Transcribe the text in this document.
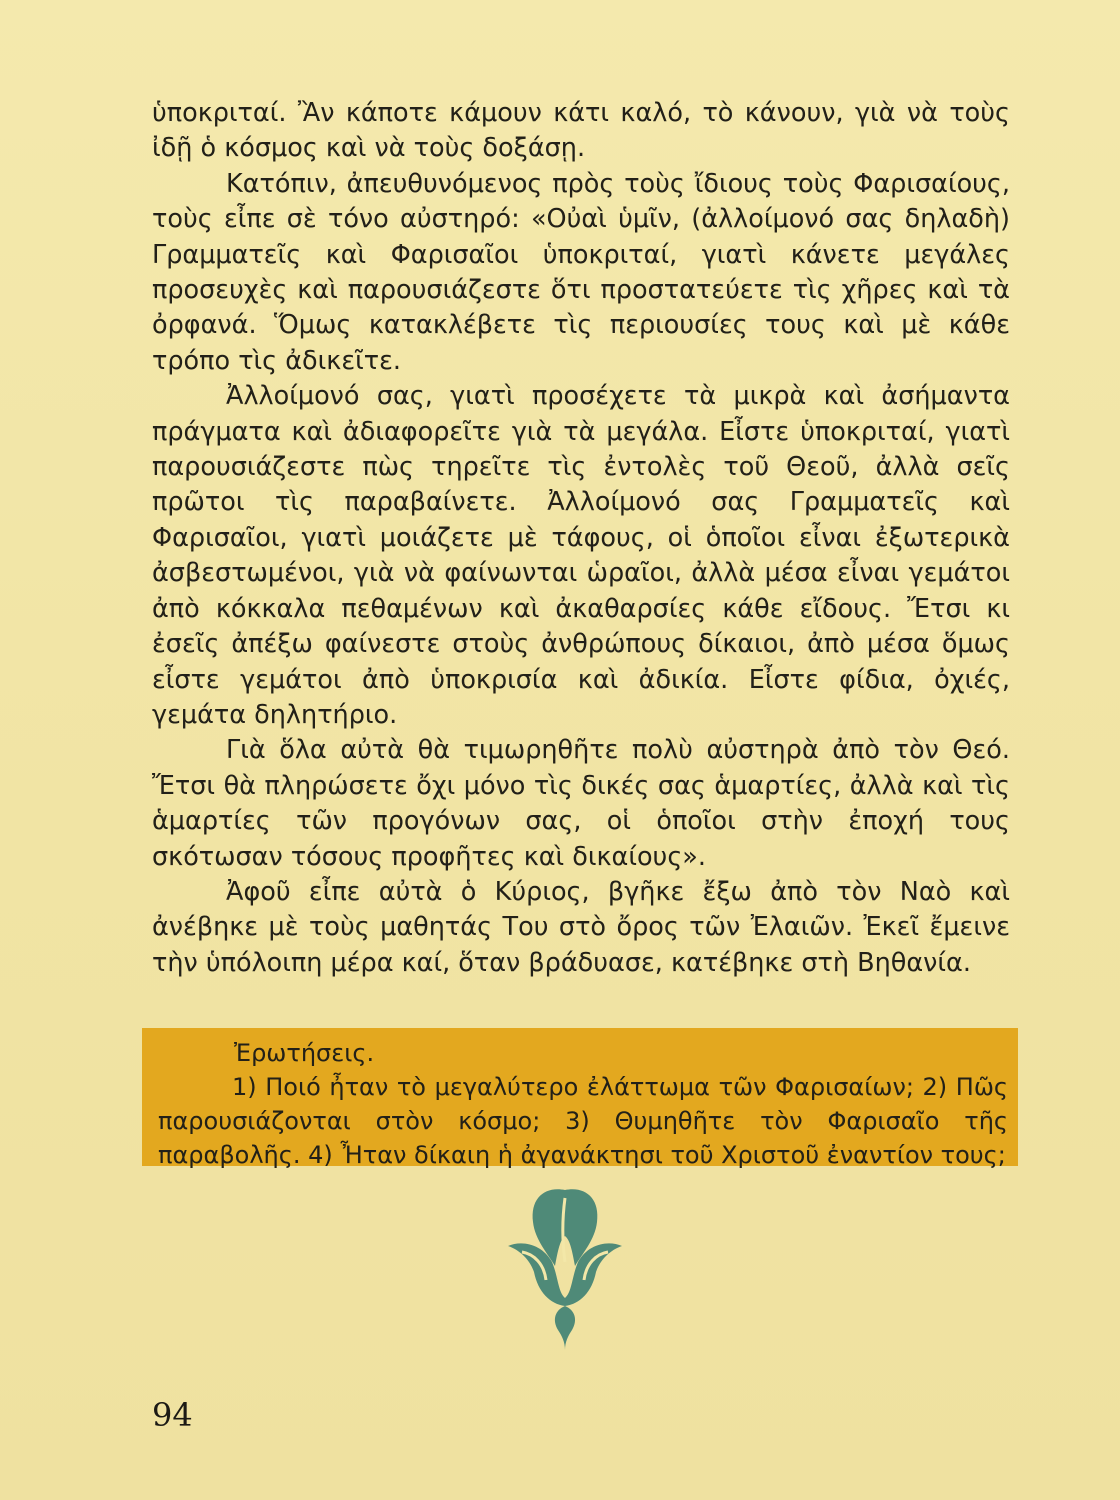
ὑποκριταί. Ἂν κάποτε κάμουν κάτι καλό, τὸ κάνουν, γιὰ νὰ τοὺς ἰδῇ ὁ κόσμος καὶ νὰ τοὺς δοξάσῃ.

Κατόπιν, ἀπευθυνόμενος πρὸς τοὺς ἴδιους τοὺς Φαρισαίους, τοὺς εἶπε σὲ τόνο αὐστηρό: «Οὐαὶ ὑμῖν, (ἀλλοίμονό σας δηλαδὴ) Γραμματεῖς καὶ Φαρισαῖοι ὑποκριταί, γιατὶ κάνετε μεγάλες προσευχὲς καὶ παρουσιάζεστε ὅτι προστατεύετε τὶς χῆρες καὶ τὰ ὀρφανά. Ὅμως κατακλέβετε τὶς περιουσίες τους καὶ μὲ κάθε τρόπο τὶς ἀδικεῖτε.

Ἀλλοίμονό σας, γιατὶ προσέχετε τὰ μικρὰ καὶ ἀσήμαντα πράγματα καὶ ἀδιαφορεῖτε γιὰ τὰ μεγάλα. Εἶστε ὑποκριταί, γιατὶ παρουσιάζεστε πὼς τηρεῖτε τὶς ἐντολὲς τοῦ Θεοῦ, ἀλλὰ σεῖς πρῶτοι τὶς παραβαίνετε. Ἀλλοίμονό σας Γραμματεῖς καὶ Φαρισαῖοι, γιατὶ μοιάζετε μὲ τάφους, οἱ ὁποῖοι εἶναι ἐξωτερικὰ ἀσβεστωμένοι, γιὰ νὰ φαίνωνται ὡραῖοι, ἀλλὰ μέσα εἶναι γεμάτοι ἀπὸ κόκκαλα πεθαμένων καὶ ἀκαθαρσίες κάθε εἴδους. Ἔτσι κι ἐσεῖς ἀπέξω φαίνεστε στοὺς ἀνθρώπους δίκαιοι, ἀπὸ μέσα ὅμως εἶστε γεμάτοι ἀπὸ ὑποκρισία καὶ ἀδικία. Εἶστε φίδια, ὀχιές, γεμάτα δηλητήριο.

Γιὰ ὅλα αὐτὰ θὰ τιμωρηθῆτε πολὺ αὐστηρὰ ἀπὸ τὸν Θεό. Ἔτσι θὰ πληρώσετε ὄχι μόνο τὶς δικές σας ἁμαρτίες, ἀλλὰ καὶ τὶς ἁμαρτίες τῶν προγόνων σας, οἱ ὁποῖοι στὴν ἐποχή τους σκότωσαν τόσους προφῆτες καὶ δικαίους».

Ἀφοῦ εἶπε αὐτὰ ὁ Κύριος, βγῆκε ἔξω ἀπὸ τὸν Ναὸ καὶ ἀνέβηκε μὲ τοὺς μαθητάς Του στὸ ὄρος τῶν Ἐλαιῶν. Ἐκεῖ ἔμεινε τὴν ὑπόλοιπη μέρα καί, ὅταν βράδυασε, κατέβηκε στὴ Βηθανία.

Ἐρωτήσεις.

1) Ποιό ἦταν τὸ μεγαλύτερο ἐλάττωμα τῶν Φαρισαίων; 2) Πῶς παρουσιάζονται στὸν κόσμο; 3) Θυμηθῆτε τὸν Φαρισαῖο τῆς παραβολῆς. 4) Ἦταν δίκαιη ἡ ἀγανάκτησι τοῦ Χριστοῦ ἐναντίον τους;

94
